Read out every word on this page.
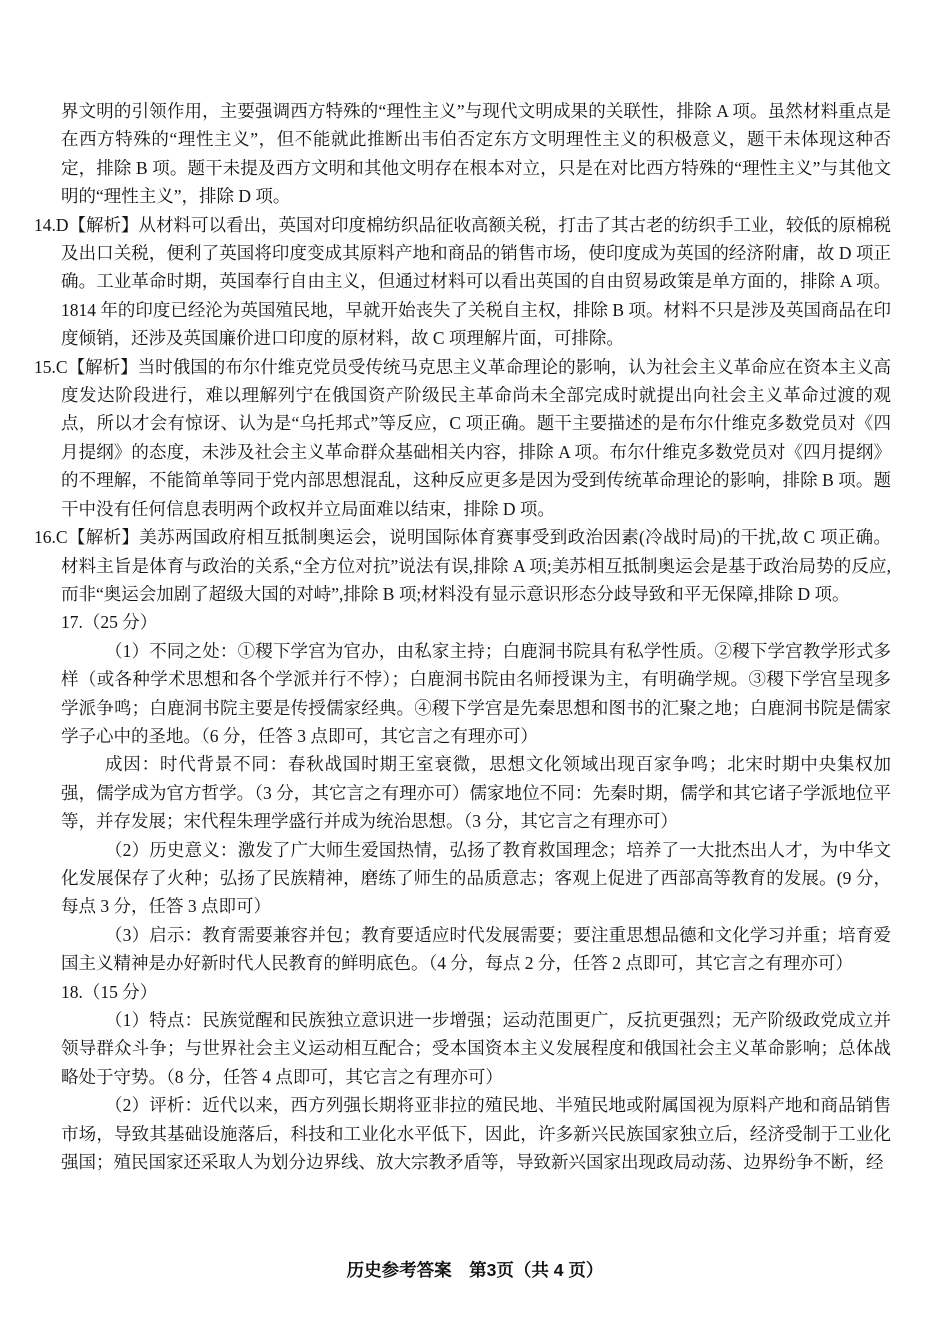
界文明的引领作用，主要强调西方特殊的“理性主义”与现代文明成果的关联性，排除 A 项。虽然材料重点是在西方特殊的“理性主义”，但不能就此推断出韦伯否定东方文明理性主义的积极意义，题干未体现这种否定，排除 B 项。题干未提及西方文明和其他文明存在根本对立，只是在对比西方特殊的“理性主义”与其他文明的“理性主义”，排除 D 项。

14.D【解析】从材料可以看出，英国对印度棉纺织品征收高额关税，打击了其古老的纺织手工业，较低的原棉税及出口关税，便利了英国将印度变成其原料产地和商品的销售市场，使印度成为英国的经济附庸，故 D 项正确。工业革命时期，英国奉行自由主义，但通过材料可以看出英国的自由贸易政策是单方面的，排除 A 项。1814 年的印度已经沦为英国殖民地，早就开始丧失了关税自主权，排除 B 项。材料不只是涉及英国商品在印度倾销，还涉及英国廉价进口印度的原材料，故 C 项理解片面，可排除。

15.C【解析】当时俄国的布尔什维克党员受传统马克思主义革命理论的影响，认为社会主义革命应在资本主义高度发达阶段进行，难以理解列宁在俄国资产阶级民主革命尚未全部完成时就提出向社会主义革命过渡的观点，所以才会有惊讶、认为是“乌托邦式”等反应，C 项正确。题干主要描述的是布尔什维克多数党员对《四月提纲》的态度，未涉及社会主义革命群众基础相关内容，排除 A 项。布尔什维克多数党员对《四月提纲》的不理解，不能简单等同于党内部思想混乱，这种反应更多是因为受到传统革命理论的影响，排除 B 项。题干中没有任何信息表明两个政权并立局面难以结束，排除 D 项。

16.C【解析】美苏两国政府相互抵制奥运会，说明国际体育赛事受到政治因素(冷战时局)的干扰,故 C 项正确。材料主旨是体育与政治的关系,“全方位对抗”说法有误,排除 A 项;美苏相互抵制奥运会是基于政治局势的反应,而非“奥运会加剧了超级大国的对峙”,排除 B 项;材料没有显示意识形态分歧导致和平无保障,排除 D 项。

17.（25 分）

（1）不同之处：①稷下学宫为官办，由私家主持；白鹿洞书院具有私学性质。②稷下学宫教学形式多样（或各种学术思想和各个学派并行不悖）；白鹿洞书院由名师授课为主，有明确学规。③稷下学宫呈现多学派争鸣；白鹿洞书院主要是传授儒家经典。④稷下学宫是先秦思想和图书的汇聚之地；白鹿洞书院是儒家学子心中的圣地。（6 分，任答 3 点即可，其它言之有理亦可）

成因：时代背景不同：春秋战国时期王室衰微，思想文化领域出现百家争鸣；北宋时期中央集权加强，儒学成为官方哲学。（3 分，其它言之有理亦可）儒家地位不同：先秦时期，儒学和其它诸子学派地位平等，并存发展；宋代程朱理学盛行并成为统治思想。（3 分，其它言之有理亦可）

（2）历史意义：激发了广大师生爱国热情，弘扬了教育救国理念；培养了一大批杰出人才，为中华文化发展保存了火种；弘扬了民族精神，磨练了师生的品质意志；客观上促进了西部高等教育的发展。(9 分，每点 3 分，任答 3 点即可）

（3）启示：教育需要兼容并包；教育要适应时代发展需要；要注重思想品德和文化学习并重；培育爱国主义精神是办好新时代人民教育的鲜明底色。（4 分，每点 2 分，任答 2 点即可，其它言之有理亦可）

18.（15 分）

（1）特点：民族觉醒和民族独立意识进一步增强；运动范围更广，反抗更强烈；无产阶级政党成立并领导群众斗争；与世界社会主义运动相互配合；受本国资本主义发展程度和俄国社会主义革命影响；总体战略处于守势。（8 分，任答 4 点即可，其它言之有理亦可）

（2）评析：近代以来，西方列强长期将亚非拉的殖民地、半殖民地或附属国视为原料产地和商品销售市场，导致其基础设施落后，科技和工业化水平低下，因此，许多新兴民族国家独立后，经济受制于工业化强国；殖民国家还采取人为划分边界线、放大宗教矛盾等，导致新兴国家出现政局动荡、边界纷争不断，经

历史参考答案　第3页（共 4 页）
